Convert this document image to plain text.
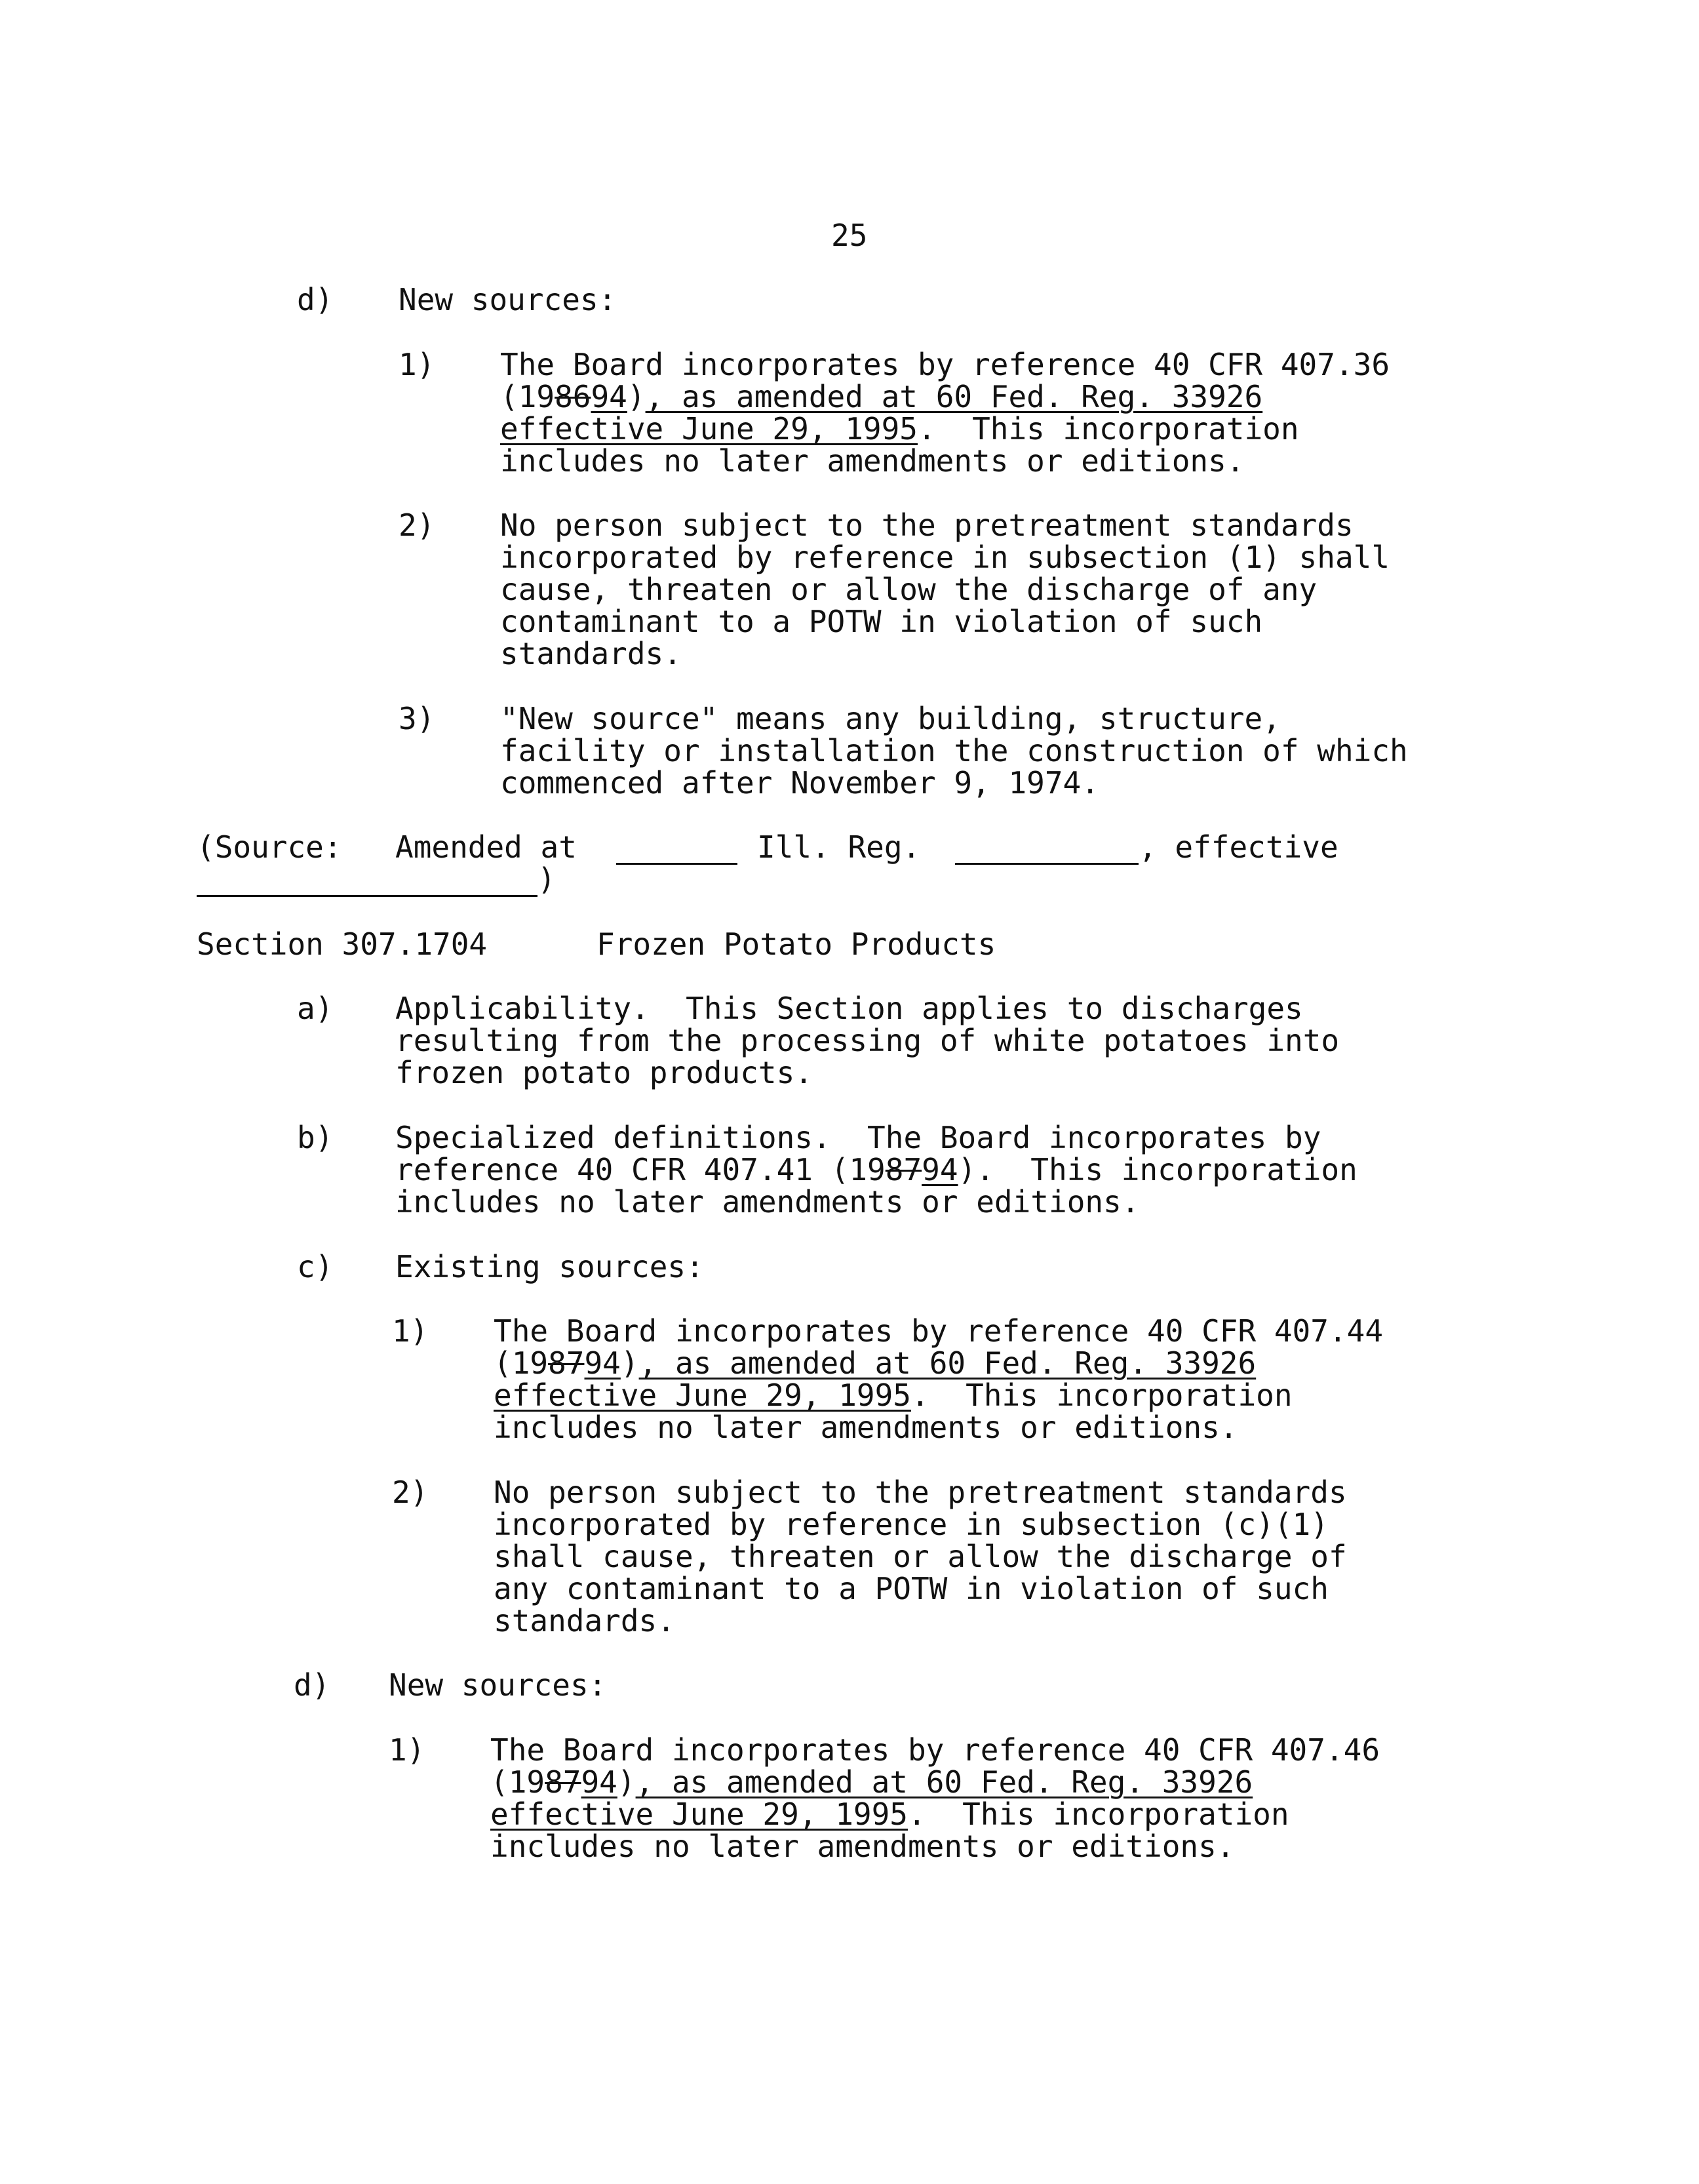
25
d) New sources:
1) The Board incorporates by reference 40 CFR 407.36
(198694), as amended at 60 Fed. Reg. 33926
effective June 29, 1995.  This incorporation
includes no later amendments or editions.
2) No person subject to the pretreatment standards
incorporated by reference in subsection (1) shall
cause, threaten or allow the discharge of any
contaminant to a POTW in violation of such
standards.
3) "New source" means any building, structure,
facility or installation the construction of which
commenced after November 9, 1974.
(Source: Amended at	Ill. Reg.	, effective
)
Section 307.1704	Frozen Potato Products
a) Applicability.  This Section applies to discharges
resulting from the processing of white potatoes into
frozen potato products.
b) Specialized definitions.  The Board incorporates by
reference 40 CFR 407.41 (198794).  This incorporation
includes no later amendments or editions.
c) Existing sources:
1) The Board incorporates by reference 40 CFR 407.44
(198794), as amended at 60 Fed. Reg. 33926
effective June 29, 1995.  This incorporation
includes no later amendments or editions.
2) No person subject to the pretreatment standards
incorporated by reference in subsection (c)(1)
shall cause, threaten or allow the discharge of
any contaminant to a POTW in violation of such
standards.
d) New sources:
1) The Board incorporates by reference 40 CFR 407.46
(198794), as amended at 60 Fed. Reg. 33926
effective June 29, 1995.  This incorporation
includes no later amendments or editions.
